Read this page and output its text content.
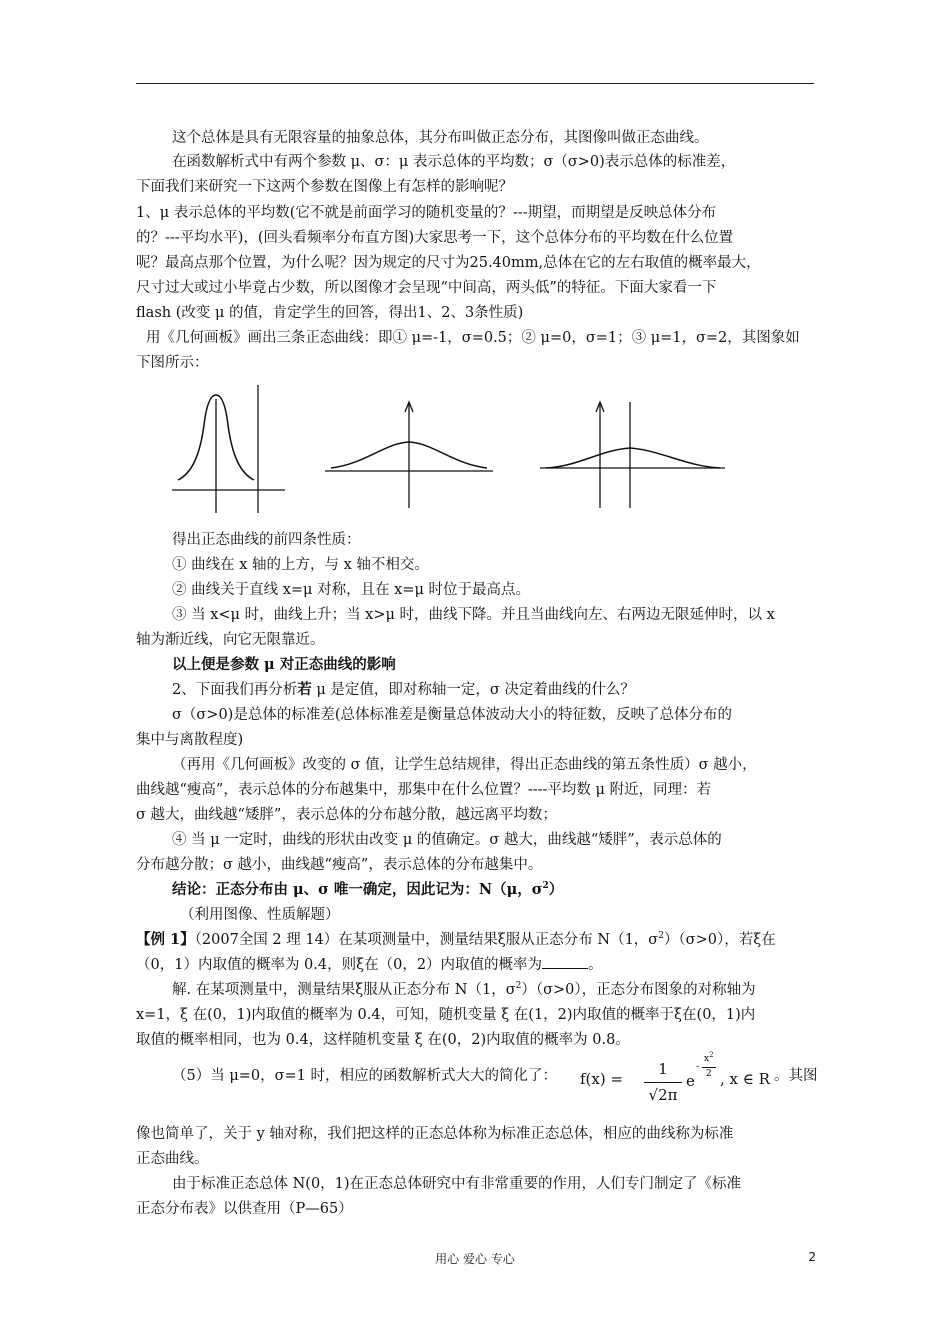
这个总体是具有无限容量的抽象总体，其分布叫做正态分布，其图像叫做正态曲线。
在函数解析式中有两个参数 μ、σ：μ 表示总体的平均数；σ（σ>0)表示总体的标准差，
下面我们来研究一下这两个参数在图像上有怎样的影响呢？
1、μ 表示总体的平均数(它不就是前面学习的随机变量的？---期望，而期望是反映总体分布
的？---平均水平)，(回头看频率分布直方图)大家思考一下，这个总体分布的平均数在什么位置
呢？最高点那个位置，为什么呢？因为规定的尺寸为25.40mm,总体在它的左右取值的概率最大，
尺寸过大或过小毕竟占少数，所以图像才会呈现“中间高，两头低”的特征。下面大家看一下
flash (改变 μ 的值，肯定学生的回答，得出1、2、3条性质)
用《几何画板》画出三条正态曲线：即① μ=-1，σ=0.5；② μ=0，σ=1；③ μ=1，σ=2，其图象如
下图所示：
得出正态曲线的前四条性质：
① 曲线在 x 轴的上方，与 x 轴不相交。
② 曲线关于直线 x=μ 对称，且在 x=μ 时位于最高点。
③ 当 x<μ 时，曲线上升；当 x>μ 时，曲线下降。并且当曲线向左、右两边无限延伸时，以 x
轴为渐近线，向它无限靠近。
以上便是参数 μ 对正态曲线的影响
2、下面我们再分析若 μ 是定值，即对称轴一定，σ 决定着曲线的什么？
σ（σ>0)是总体的标准差(总体标准差是衡量总体波动大小的特征数，反映了总体分布的
集中与离散程度)
（再用《几何画板》改变的 σ 值，让学生总结规律，得出正态曲线的第五条性质）σ 越小，
曲线越“瘦高”，表示总体的分布越集中，那集中在什么位置？----平均数 μ 附近，同理：若
σ 越大，曲线越“矮胖”，表示总体的分布越分散，越远离平均数；
④ 当 μ 一定时，曲线的形状由改变 μ 的值确定。σ 越大，曲线越“矮胖”，表示总体的
分布越分散；σ 越小，曲线越“瘦高”，表示总体的分布越集中。
结论：正态分布由 μ、σ 唯一确定，因此记为：N（μ，$\sigma^2$）
（利用图像、性质解题）
【例 1】（2007全国 2 理 14）在某项测量中，测量结果ξ服从正态分布 N（1，$\sigma^2)(\sigma>0)$，若ξ在
（0，1）内取值的概率为 0.4，则ξ在（0，2）内取值的概率为	。
解. 在某项测量中，测量结果ξ服从正态分布 N（1，$\sigma^2)(\sigma>0)$，正态分布图象的对称轴为
x=1，ξ 在(0，1)内取值的概率为 0.4，可知，随机变量 ξ 在(1，2)内取值的概率于ξ在(0，1)内
取值的概率相同，也为 0.4，这样随机变量 ξ 在(0，2)内取值的概率为 0.8。
（5）当 μ=0，σ=1 时，相应的函数解析式大大的简化了：	f(x) =
1
√2π
e
-
$x^2$
2 , x ∈ R 。其图
像也简单了，关于 y 轴对称，我们把这样的正态总体称为标准正态总体，相应的曲线称为标准
正态曲线。
由于标准正态总体 N(0，1)在正态总体研究中有非常重要的作用，人们专门制定了《标准
正态分布表》以供查用（P—65）
用心 爱心 专心	2
